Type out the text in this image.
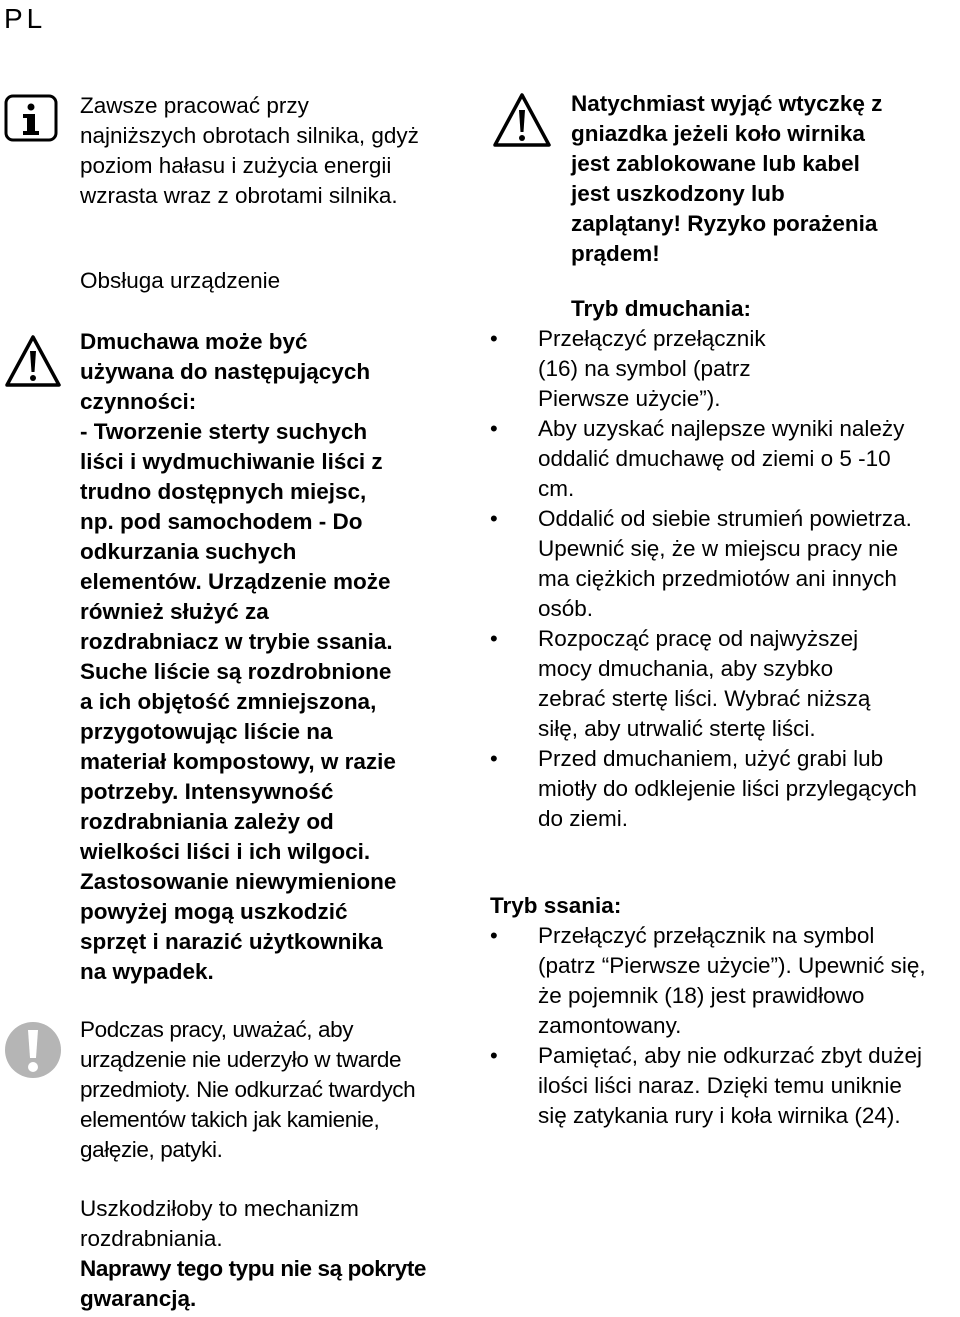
PL
Zawsze pracować przy
najniższych obrotach silnika, gdyż
poziom hałasu i zużycia energii
wzrasta wraz z obrotami silnika.
Obsługa urządzenie
Dmuchawa może być
używana do następujących
czynności:
- Tworzenie sterty suchych
liści i wydmuchiwanie liści z
trudno dostępnych miejsc,
np. pod samochodem - Do
odkurzania suchych
elementów. Urządzenie może
również służyć za
rozdrabniacz w trybie ssania.
Suche liście są rozdrobnione
a ich objętość zmniejszona,
przygotowując liście na
materiał kompostowy, w razie
potrzeby. Intensywność
rozdrabniania zależy od
wielkości liści i ich wilgoci.
Zastosowanie niewymienione
powyżej mogą uszkodzić
sprzęt i narazić użytkownika
na wypadek.
Podczas pracy, uważać, aby
urządzenie nie uderzyło w twarde
przedmioty. Nie odkurzać twardych
elementów takich jak kamienie,
gałęzie, patyki.
Uszkodziłoby to mechanizm
rozdrabniania.
Naprawy tego typu nie są pokryte
gwarancją.
Natychmiast wyjąć wtyczkę z
gniazdka jeżeli koło wirnika
jest zablokowane lub kabel
jest uszkodzony lub
zaplątany! Ryzyko porażenia
prądem!
Tryb dmuchania:
• Przełączyć przełącznik
(16) na symbol (patrz
Pierwsze użycie”).
• Aby uzyskać najlepsze wyniki należy
oddalić dmuchawę od ziemi o 5 -10
cm.
• Oddalić od siebie strumień powietrza.
Upewnić się, że w miejscu pracy nie
ma ciężkich przedmiotów ani innych
osób.
• Rozpocząć pracę od najwyższej
mocy dmuchania, aby szybko
zebrać stertę liści. Wybrać niższą
siłę, aby utrwalić stertę liści.
• Przed dmuchaniem, użyć grabi lub
miotły do odklejenie liści przylegących
do ziemi.
Tryb ssania:
• Przełączyć przełącznik na symbol
(patrz “Pierwsze użycie”). Upewnić się,
że pojemnik (18) jest prawidłowo
zamontowany.
• Pamiętać, aby nie odkurzać zbyt dużej
ilości liści naraz. Dzięki temu uniknie
się zatykania rury i koła wirnika (24).
